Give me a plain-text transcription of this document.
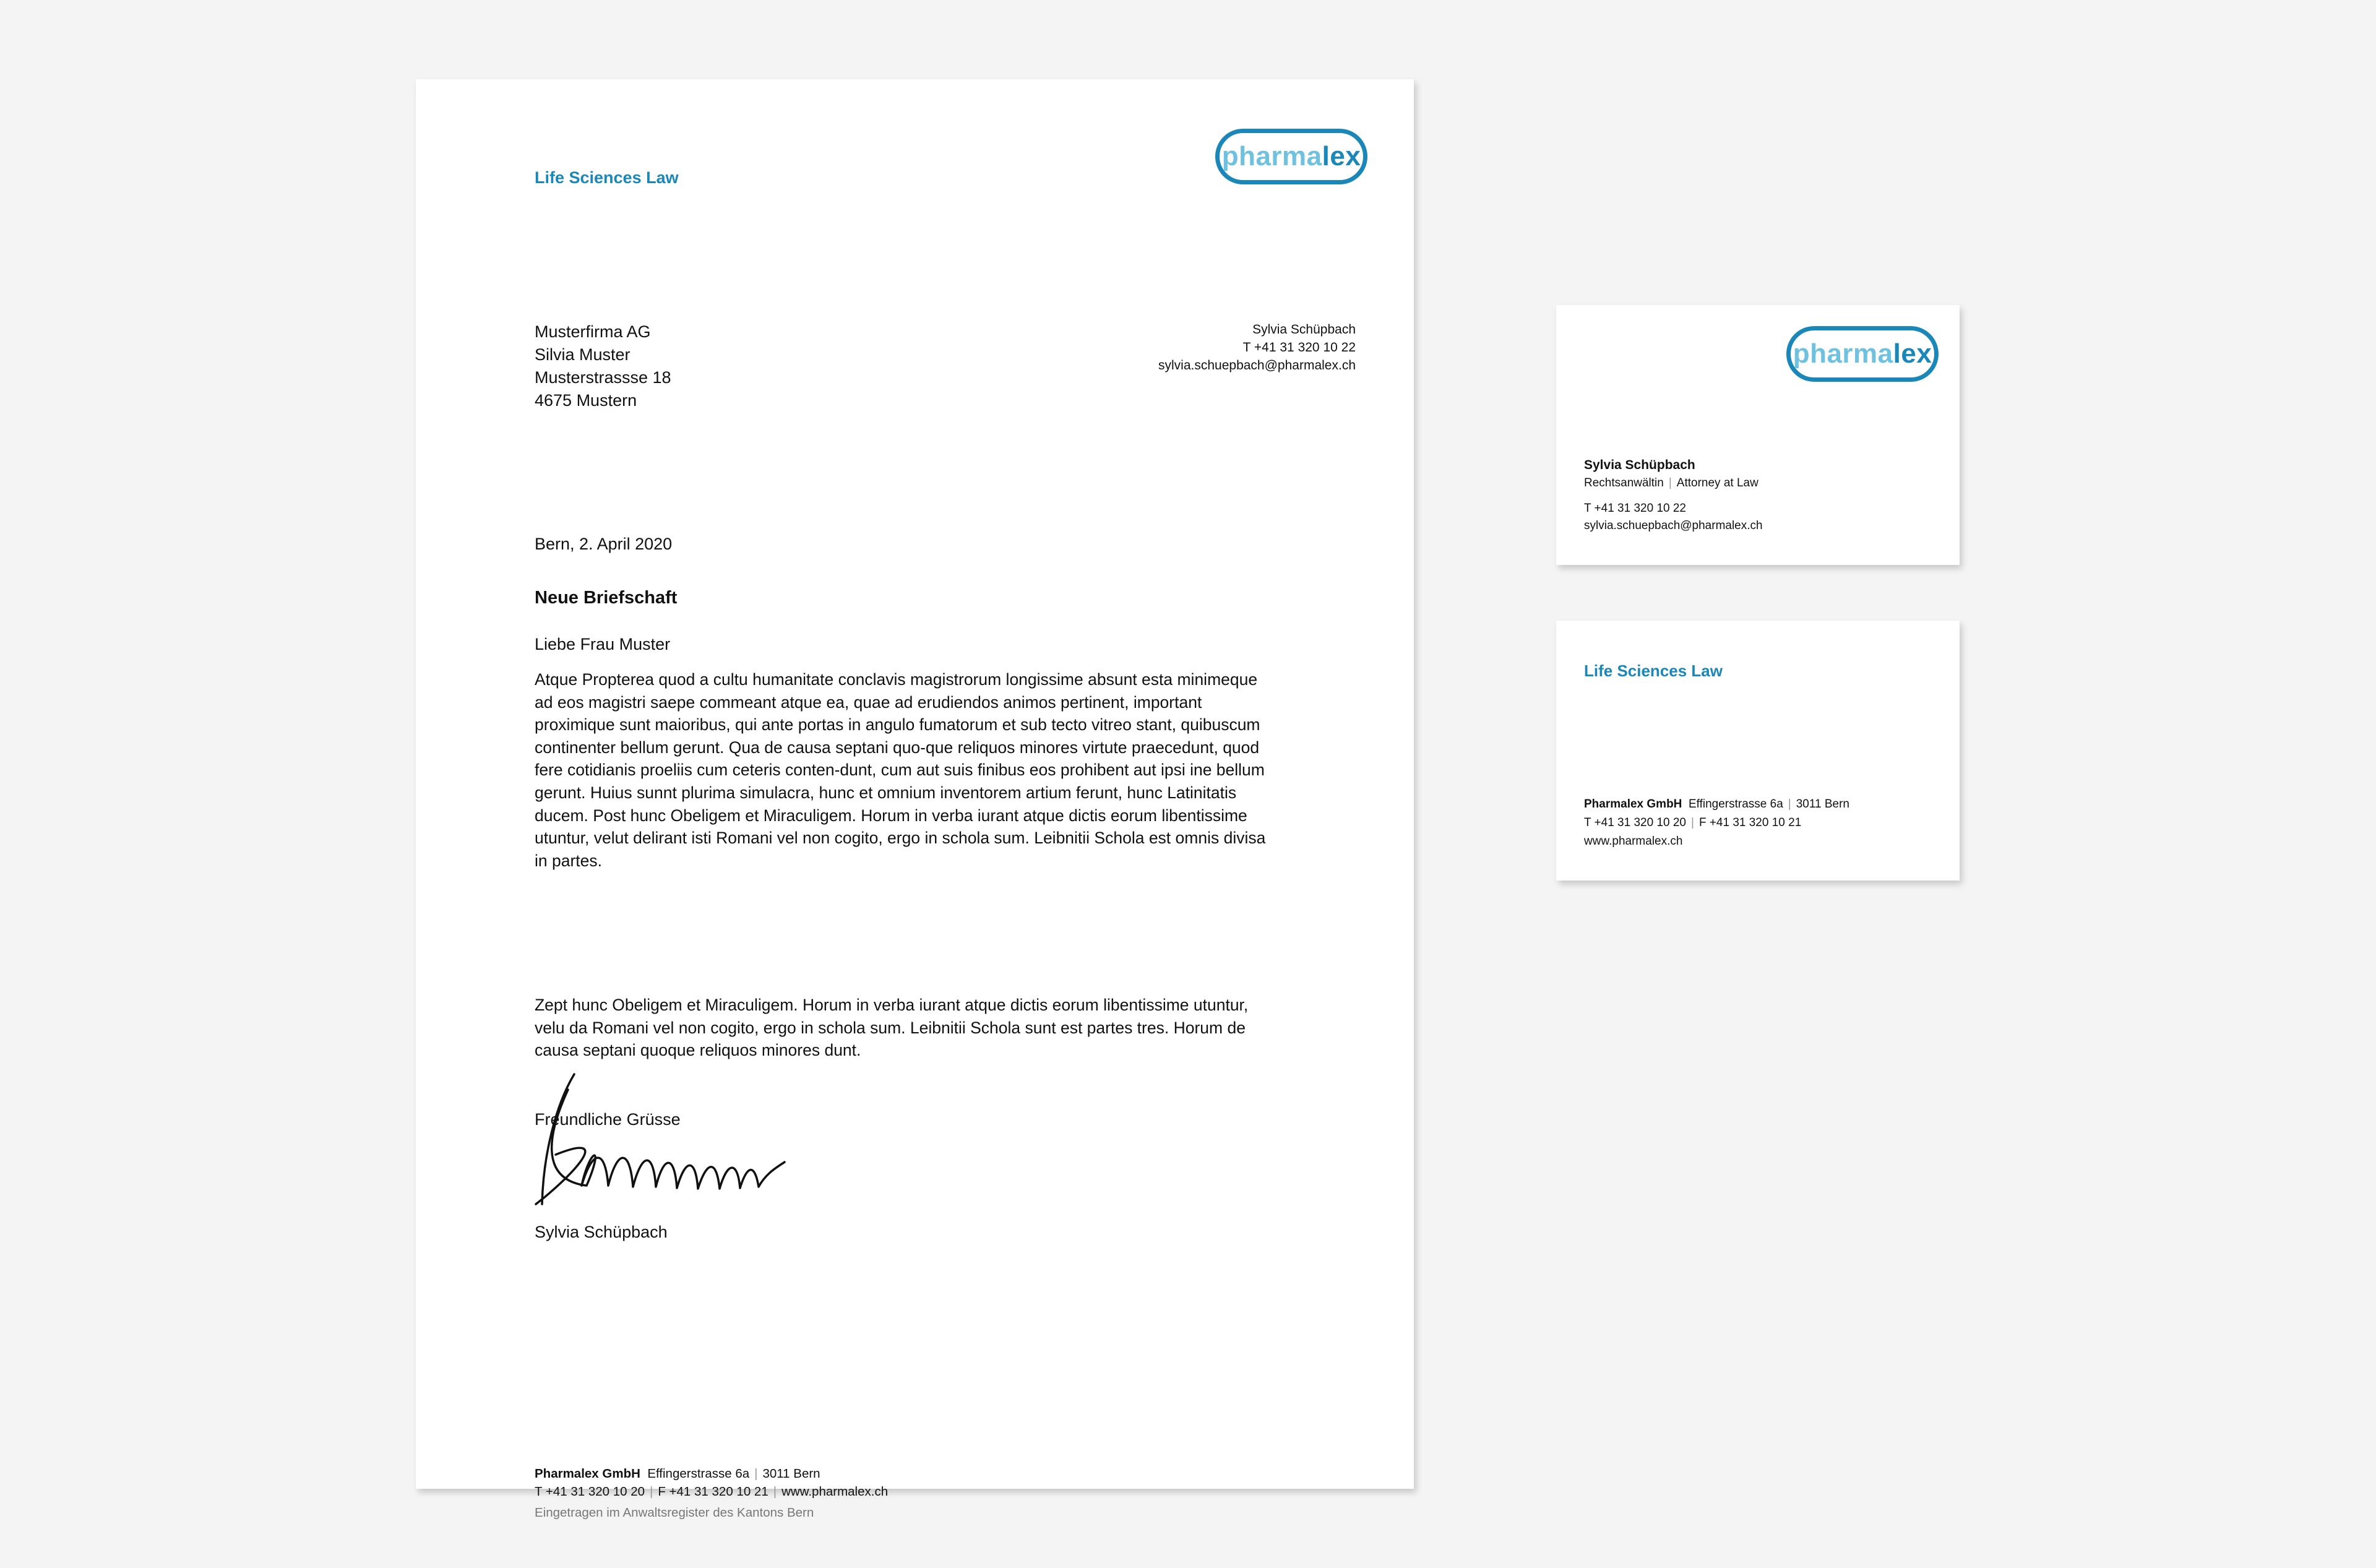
pharma lex
Life Sciences Law
Musterfirma AG
Silvia Muster
Musterstrassse 18
4675 Mustern
Sylvia Schüpbach
T +41 31 320 10 22
sylvia.schuepbach@pharmalex.ch
Bern, 2. April 2020
Neue Briefschaft
Liebe Frau Muster
Atque Propterea quod a cultu humanitate conclavis magistrorum longissime absunt esta minimeque ad eos magistri saepe commeant atque ea, quae ad erudiendos animos pertinent, important proximique sunt maioribus, qui ante portas in angulo fumatorum et sub tecto vitreo stant, quibuscum continenter bellum gerunt. Qua de causa septani quo-que reliquos minores virtute praecedunt, quod fere cotidianis proeliis cum ceteris conten-dunt, cum aut suis finibus eos prohibent aut ipsi ine bellum gerunt. Huius sunnt plurima simulacra, hunc et omnium inventorem artium ferunt, hunc Latinitatis ducem. Post hunc Obeligem et Miraculigem. Horum in verba iurant atque dictis eorum libentissime utuntur, velut delirant isti Romani vel non cogito, ergo in schola sum. Leibnitii Schola est omnis divisa in partes.
Zept hunc Obeligem et Miraculigem. Horum in verba iurant atque dictis eorum libentissime utuntur, velu da Romani vel non cogito, ergo in schola sum. Leibnitii Schola sunt est partes tres. Horum de causa septani quoque reliquos minores dunt.
Freundliche Grüsse
Sylvia Schüpbach
Pharmalex GmbH Effingerstrasse 6a | 3011 Bern
T +41 31 320 10 20 | F +41 31 320 10 21 | www.pharmalex.ch
Eingetragen im Anwaltsregister des Kantons Bern
pharma lex
Sylvia Schüpbach
Rechtsanwältin | Attorney at Law
T +41 31 320 10 22
sylvia.schuepbach@pharmalex.ch
Life Sciences Law
Pharmalex GmbH Effingerstrasse 6a | 3011 Bern
T +41 31 320 10 20 | F +41 31 320 10 21
www.pharmalex.ch
